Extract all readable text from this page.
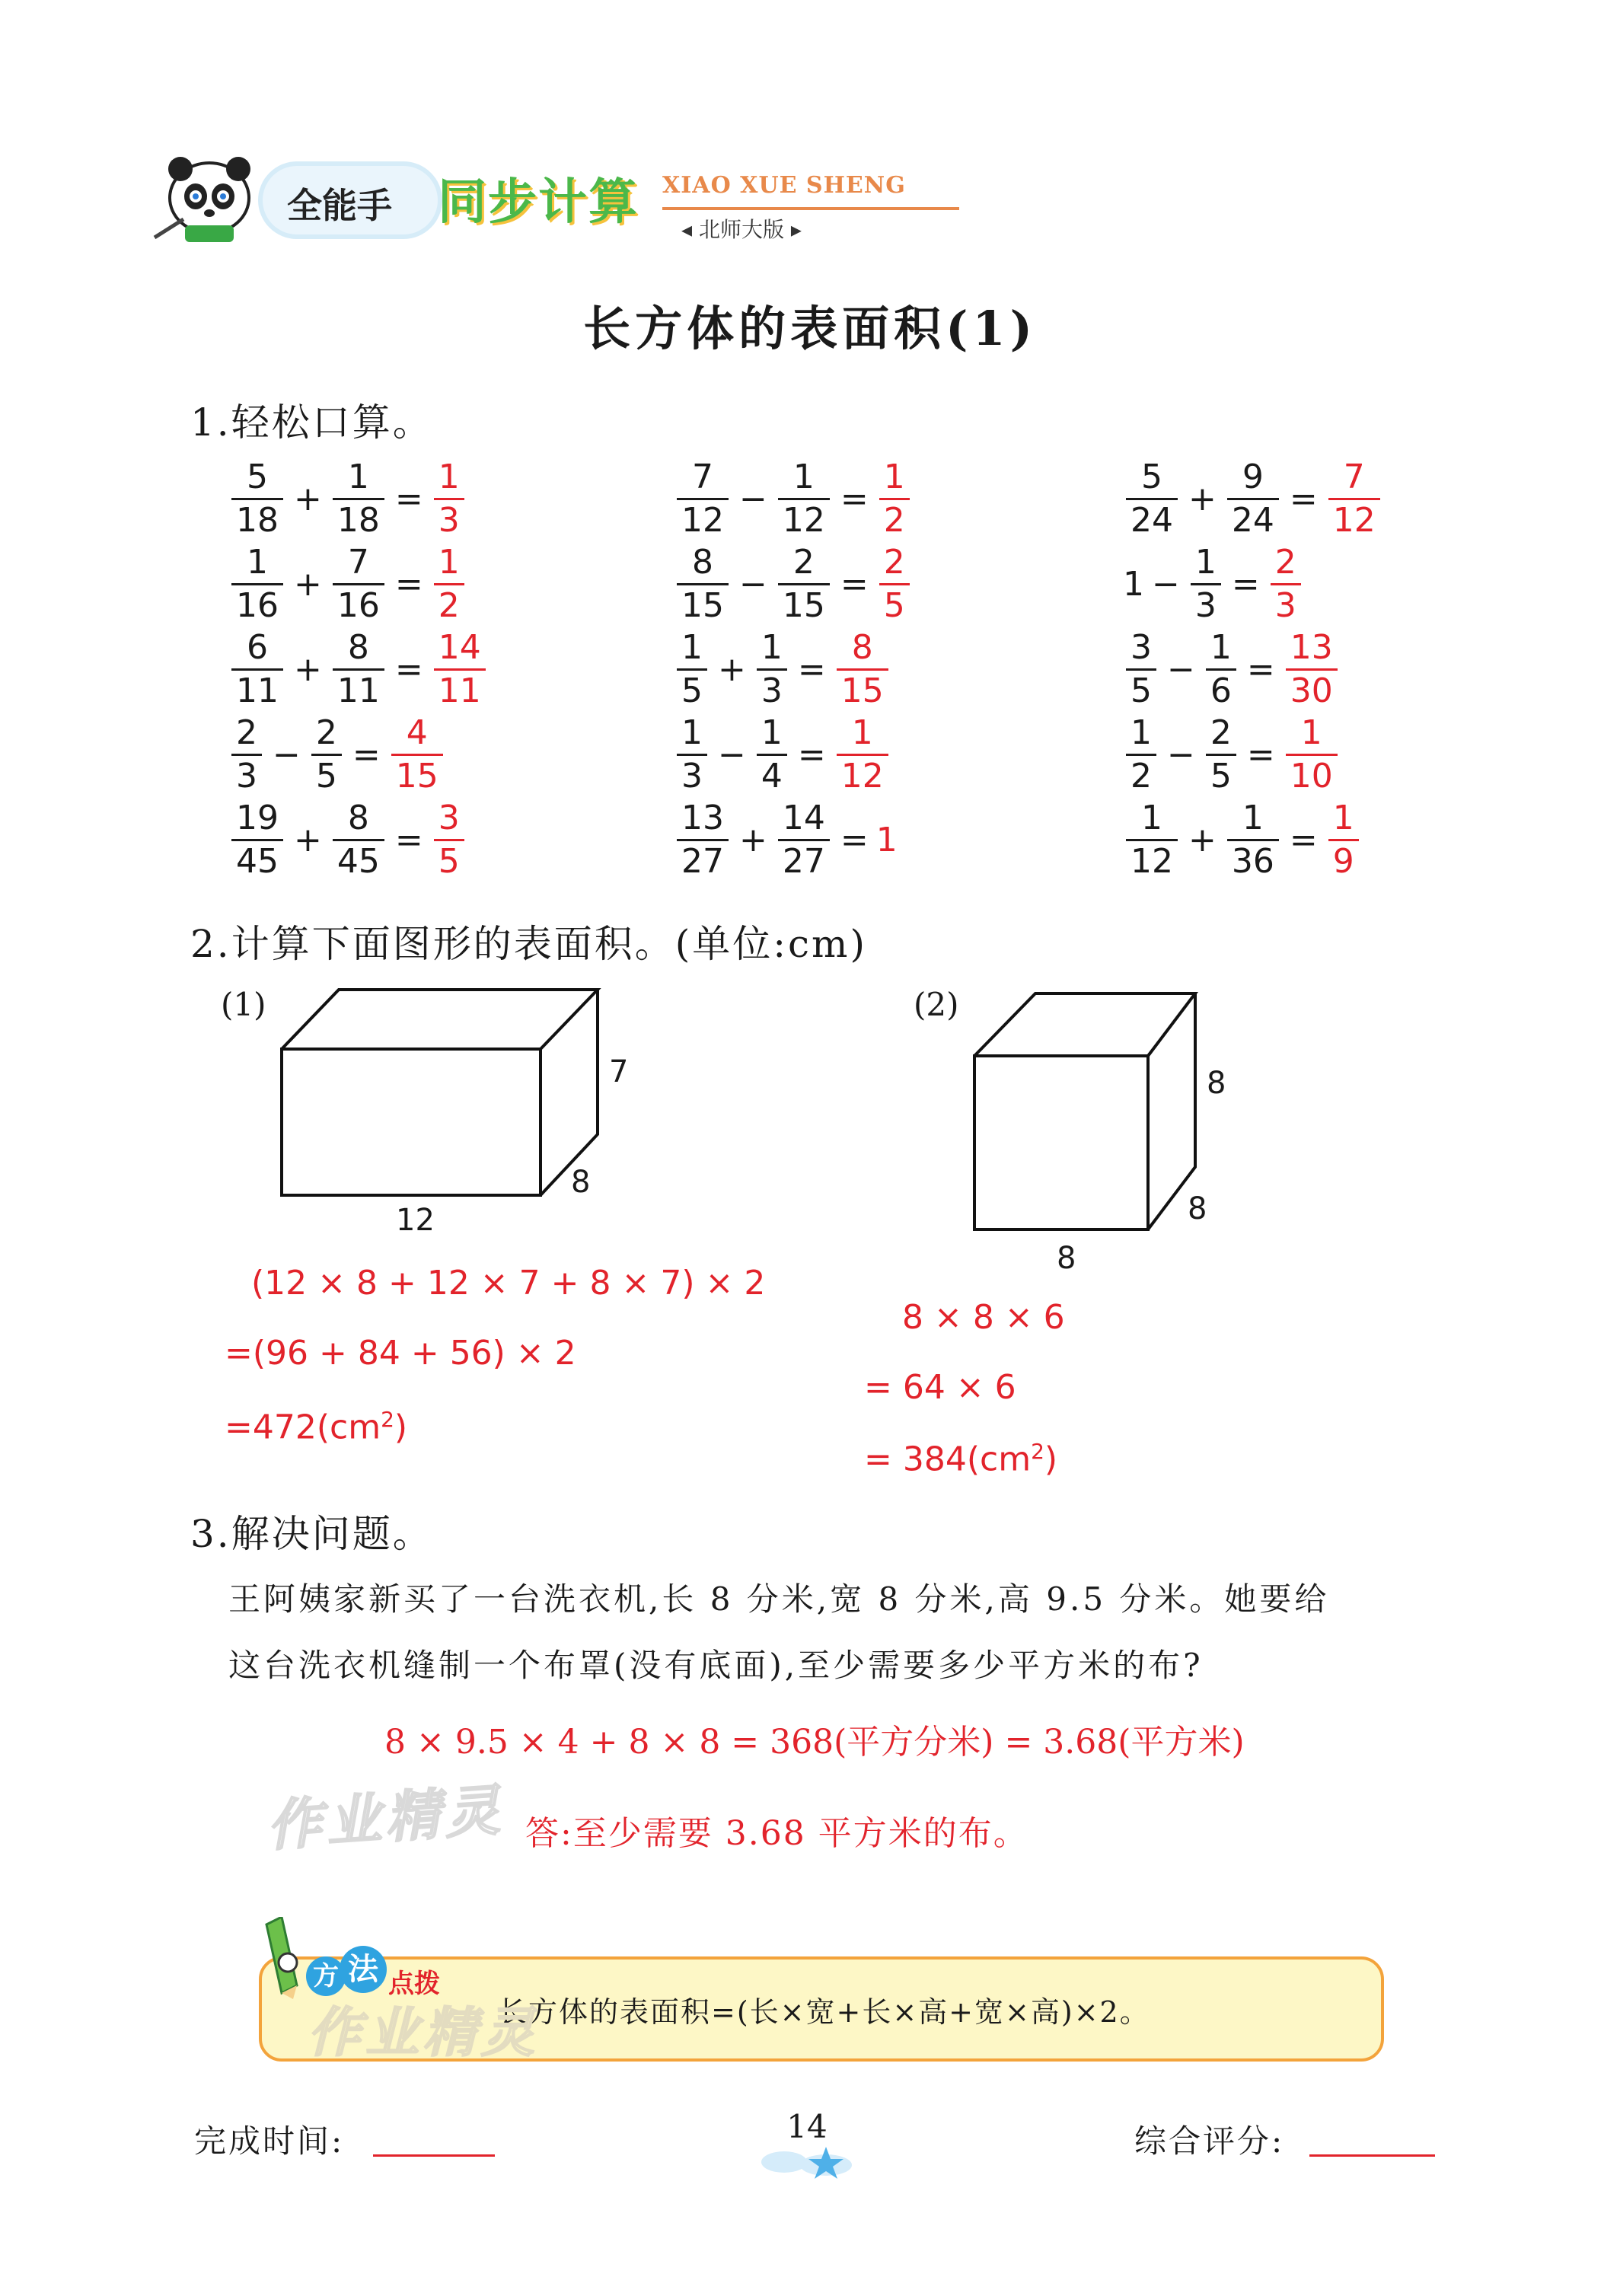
全能手 同步计算 XIAO XUE SHENG
◂ 北师大版 ▸
长方体的表面积(1)
1.轻松口算。
$\frac{5}{18} + \frac{1}{18} = \frac{1}{3}$
$\frac{1}{16} + \frac{7}{16} = \frac{1}{2}$
$\frac{6}{11} + \frac{8}{11} = \frac{14}{11}$
$\frac{2}{3} - \frac{2}{5} = \frac{4}{15}$
$\frac{19}{45} + \frac{8}{45} = \frac{3}{5}$
$\frac{7}{12} - \frac{1}{12} = \frac{1}{2}$
$\frac{8}{15} - \frac{2}{15} = \frac{2}{5}$
$\frac{1}{5} + \frac{1}{3} = \frac{8}{15}$
$\frac{1}{3} - \frac{1}{4} = \frac{1}{12}$
$\frac{13}{27} + \frac{14}{27} = 1$
$\frac{5}{24} + \frac{9}{24} = \frac{7}{12}$
$1 - \frac{1}{3} = \frac{2}{3}$
$\frac{3}{5} - \frac{1}{6} = \frac{13}{30}$
$\frac{1}{2} - \frac{2}{5} = \frac{1}{10}$
$\frac{1}{12} + \frac{1}{36} = \frac{1}{9}$
2.计算下面图形的表面积。(单位:cm)
(1)
7
8
12
(2)
8
8
8
(12 × 8 + 12 × 7 + 8 × 7) × 2
=(96 + 84 + 56) × 2
$=472(cm^2)$
8 × 8 × 6
= 64 × 6
= $384(cm^2)$
3.解决问题。
王阿姨家新买了一台洗衣机,长 8 分米,宽 8 分米,高 9.5 分米。她要给
这台洗衣机缝制一个布罩(没有底面),至少需要多少平方米的布?
8 × 9.5 × 4 + 8 × 8 = 368(平方分米) = 3.68(平方米)
答:至少需要 3.68 平方米的布。
作业精灵
长方体的表面积=(长×宽+长×高+宽×高)×2。
作业精灵
方 法 点拨
完成时间:	14	综合评分:
